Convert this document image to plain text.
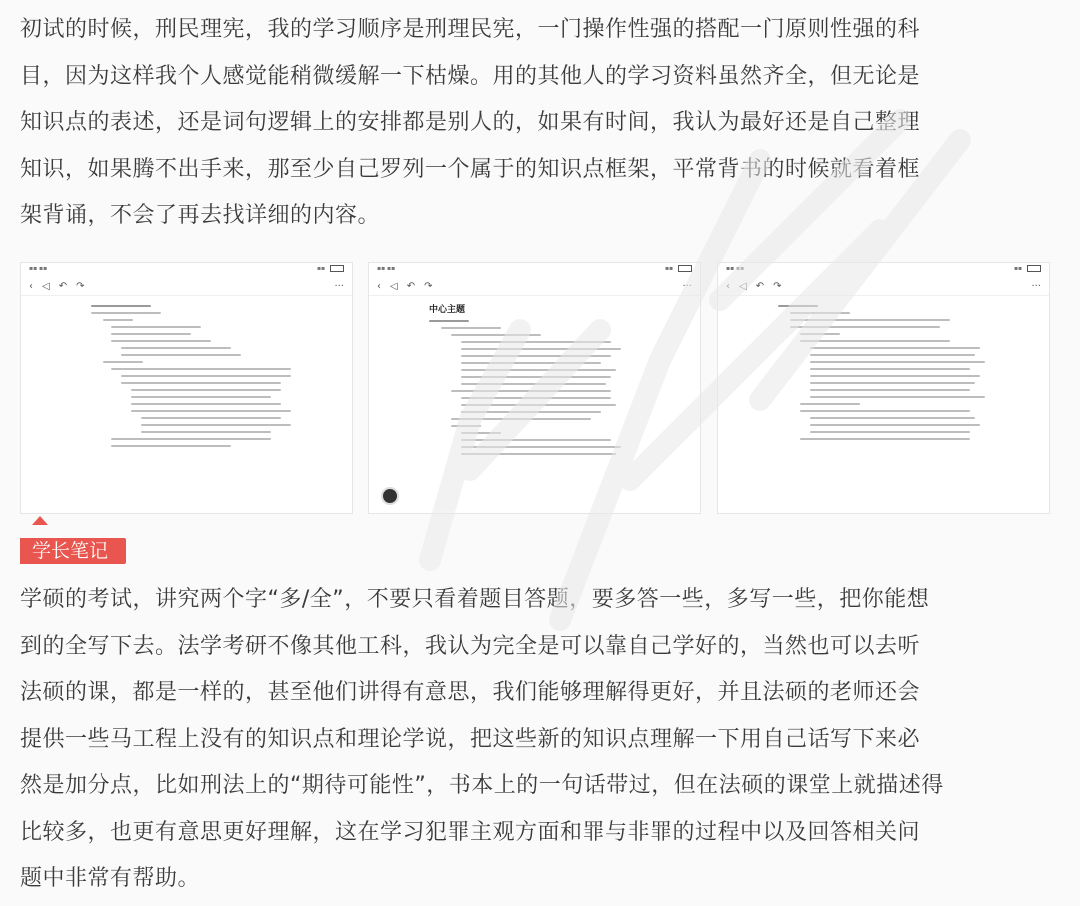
初试的时候，刑民理宪，我的学习顺序是刑理民宪，一门操作性强的搭配一门原则性强的科

目，因为这样我个人感觉能稍微缓解一下枯燥。用的其他人的学习资料虽然齐全，但无论是

知识点的表述，还是词句逻辑上的安排都是别人的，如果有时间，我认为最好还是自己整理

知识，如果腾不出手来，那至少自己罗列一个属于的知识点框架，平常背书的时候就看着框

架背诵，不会了再去找详细的内容。

▪▪ ▪▪	▪▪
‹ ◁ ↶ ↷	···
▪▪ ▪▪	▪▪
‹ ◁ ↶ ↷	···
中心主题
▪▪ ▪▪	▪▪
‹ ◁ ↶ ↷	···
学长笔记

学硕的考试，讲究两个字“多/全”，不要只看着题目答题，要多答一些，多写一些，把你能想

到的全写下去。法学考研不像其他工科，我认为完全是可以靠自己学好的，当然也可以去听

法硕的课，都是一样的，甚至他们讲得有意思，我们能够理解得更好，并且法硕的老师还会

提供一些马工程上没有的知识点和理论学说，把这些新的知识点理解一下用自己话写下来必

然是加分点，比如刑法上的“期待可能性”，书本上的一句话带过，但在法硕的课堂上就描述得

比较多，也更有意思更好理解，这在学习犯罪主观方面和罪与非罪的过程中以及回答相关问

题中非常有帮助。
